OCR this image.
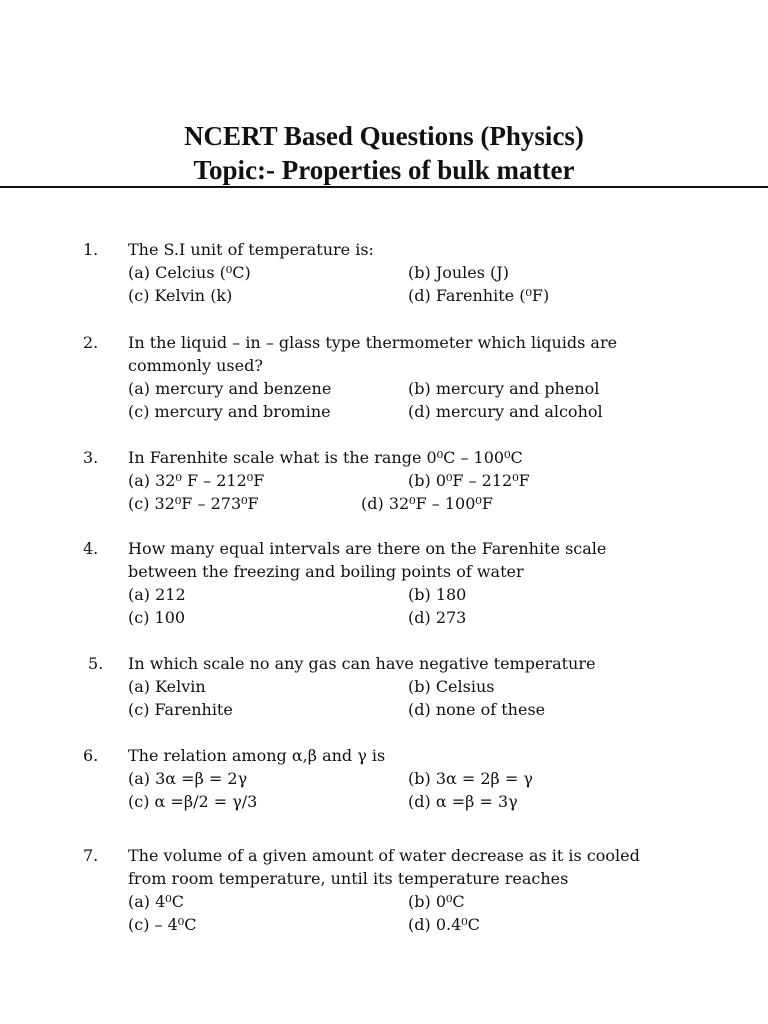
NCERT Based Questions (Physics)
Topic:- Properties of bulk matter
1. The S.I unit of temperature is:
(a) Celcius (⁰C)	(b) Joules (J)
(c) Kelvin (k)	(d) Farenhite (⁰F)
2. In the liquid – in – glass type thermometer which liquids are
commonly used?
(a) mercury and benzene	(b) mercury and phenol
(c) mercury and bromine	(d) mercury and alcohol
3. In Farenhite scale what is the range 0⁰C – 100⁰C
(a) 32⁰ F – 212⁰F	(b) 0⁰F – 212⁰F
(c) 32⁰F – 273⁰F	(d) 32⁰F – 100⁰F
4. How many equal intervals are there on the Farenhite scale
between the freezing and boiling points of water
(a) 212	(b) 180
(c) 100	(d) 273
5. In which scale no any gas can have negative temperature
(a) Kelvin	(b) Celsius
(c) Farenhite	(d) none of these
6. The relation among α,β and γ is
(a) 3α =β = 2γ	(b) 3α = 2β = γ
(c) α =β/2 = γ/3	(d) α =β = 3γ
7. The volume of a given amount of water decrease as it is cooled
from room temperature, until its temperature reaches
(a) 4⁰C	(b) 0⁰C
(c) – 4⁰C	(d) 0.4⁰C
